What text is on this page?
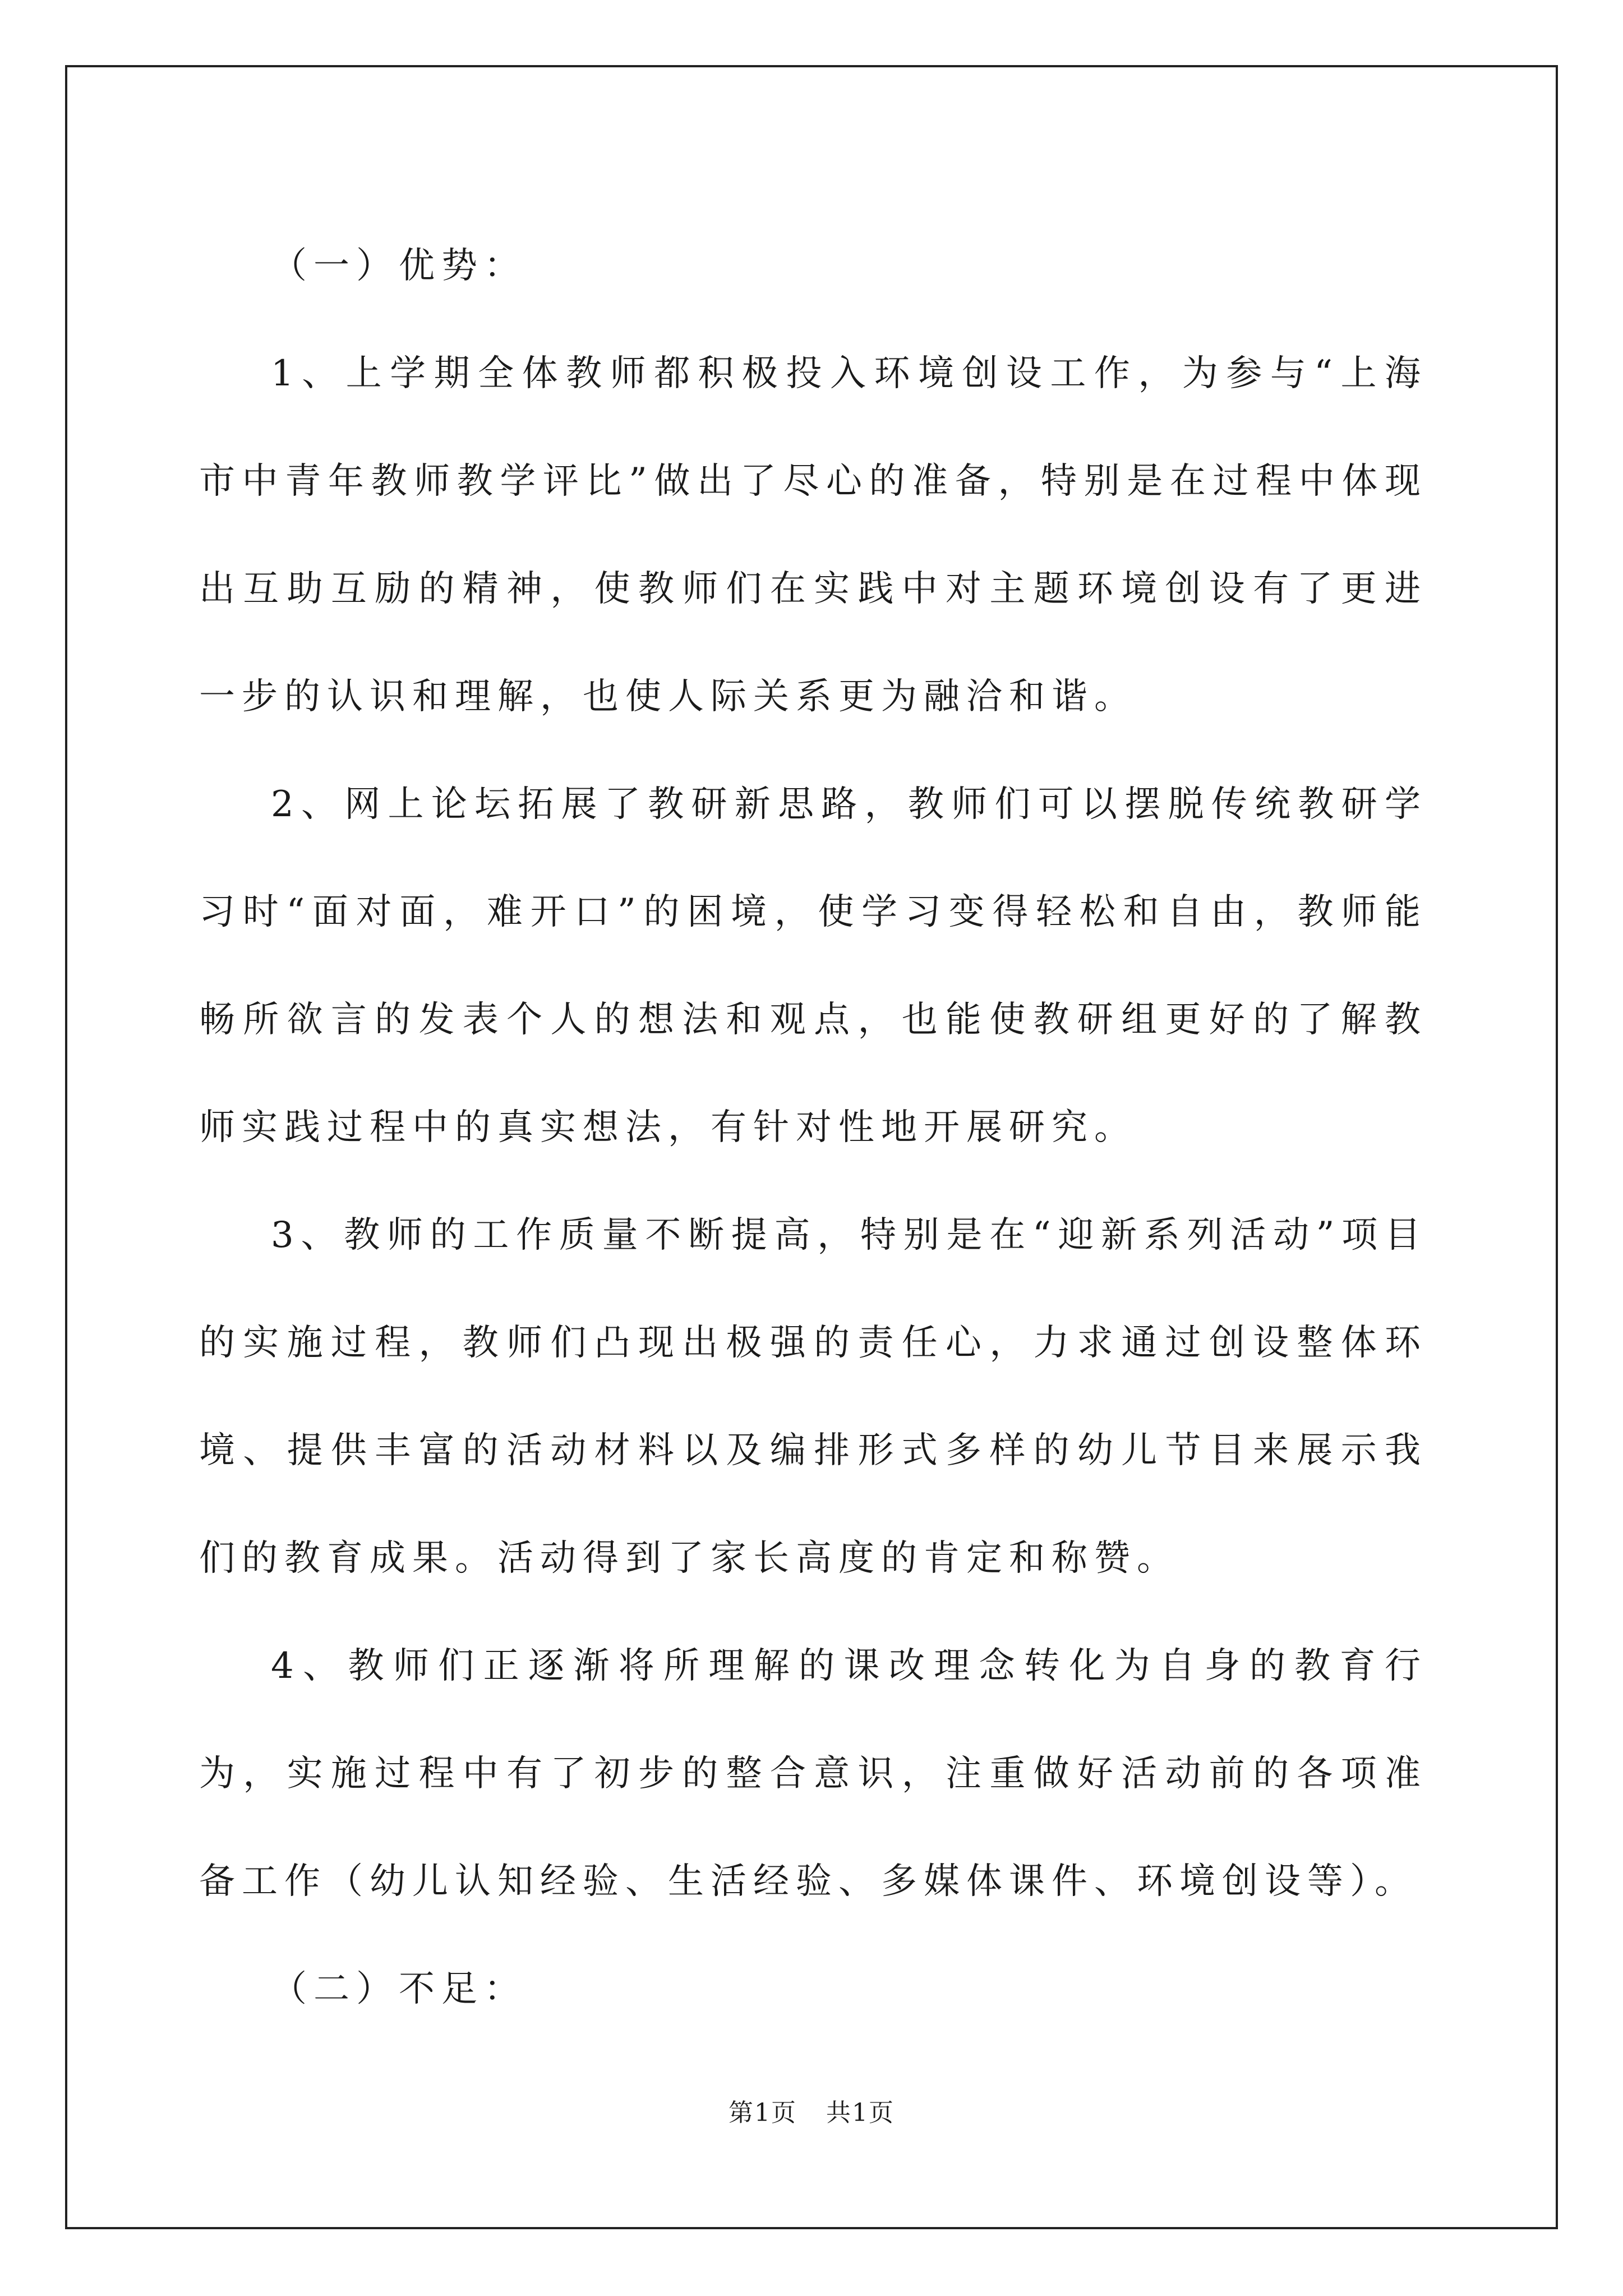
（一）优势：

1、上学期全体教师都积极投入环境创设工作，为参与“上海市中青年教师教学评比”做出了尽心的准备，特别是在过程中体现出互助互励的精神，使教师们在实践中对主题环境创设有了更进一步的认识和理解，也使人际关系更为融洽和谐。

2、网上论坛拓展了教研新思路，教师们可以摆脱传统教研学习时“面对面，难开口”的困境，使学习变得轻松和自由，教师能畅所欲言的发表个人的想法和观点，也能使教研组更好的了解教师实践过程中的真实想法，有针对性地开展研究。

3、教师的工作质量不断提高，特别是在“迎新系列活动”项目的实施过程，教师们凸现出极强的责任心，力求通过创设整体环境、提供丰富的活动材料以及编排形式多样的幼儿节目来展示我们的教育成果。活动得到了家长高度的肯定和称赞。

4、教师们正逐渐将所理解的课改理念转化为自身的教育行为，实施过程中有了初步的整合意识，注重做好活动前的各项准备工作（幼儿认知经验、生活经验、多媒体课件、环境创设等）。

（二）不足：

第1页 共1页
